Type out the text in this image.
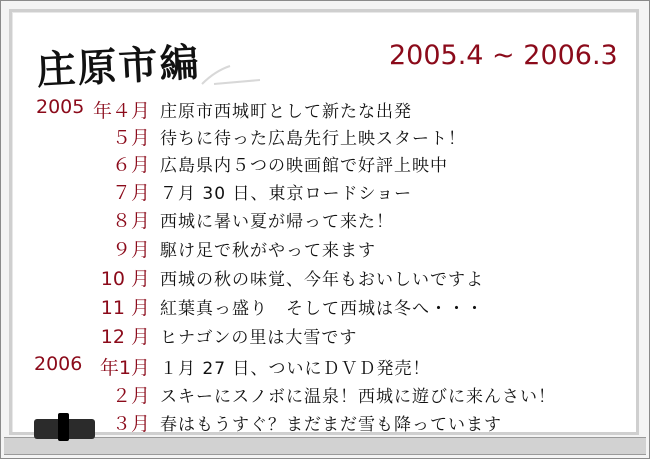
庄原市編	2005.4 ~ 2006.3
2005 年４月 庄原市西城町として新たな出発
５月 待ちに待った広島先行上映スタート！
６月 広島県内５つの映画館で好評上映中
７月 ７月 30 日、東京ロードショー
８月 西城に暑い夏が帰って来た！
９月 駆け足で秋がやって来ます
10 月 西城の秋の味覚、今年もおいしいですよ
11 月 紅葉真っ盛り　そして西城は冬へ・・・
12 月 ヒナゴンの里は大雪です
2006 年1月 １月 27 日、ついにＤＶＤ発売！
２月 スキーにスノボに温泉！西城に遊びに来んさい！
３月 春はもうすぐ？まだまだ雪も降っています
